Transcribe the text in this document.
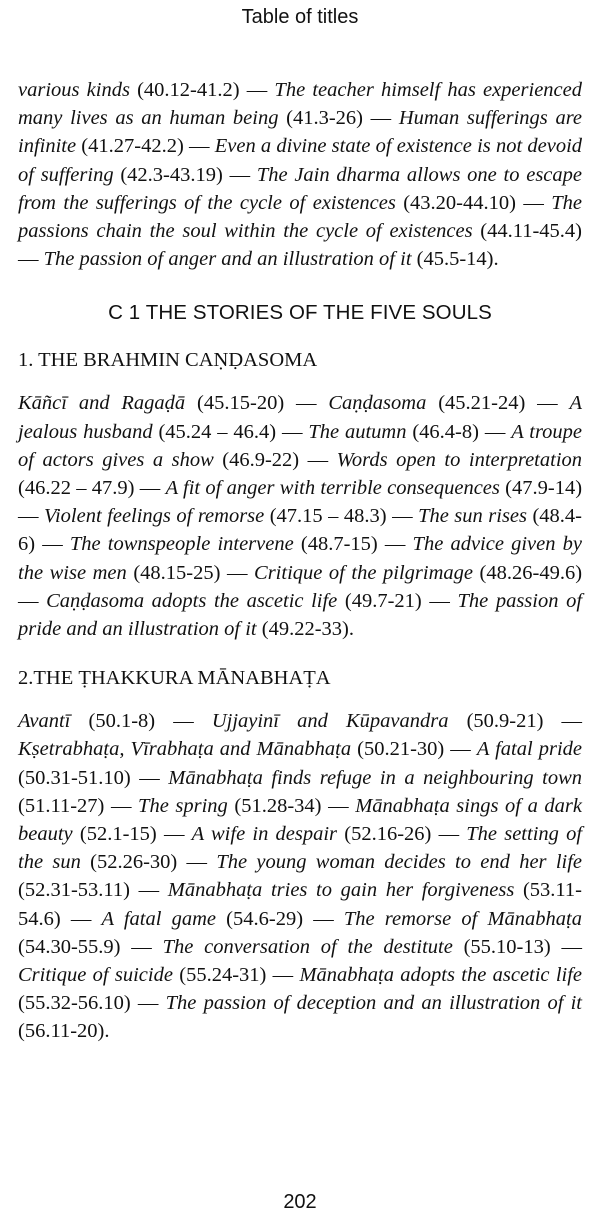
Table of titles

various kinds (40.12-41.2) — The teacher himself has experienced many lives as an human being (41.3-26) — Human sufferings are infinite (41.27-42.2) — Even a divine state of existence is not devoid of suffering (42.3-43.19) — The Jain dharma allows one to escape from the sufferings of the cycle of existences (43.20-44.10) — The passions chain the soul within the cycle of existences (44.11-45.4) — The passion of anger and an illustration of it (45.5-14).

C 1 THE STORIES OF THE FIVE SOULS
1. THE BRAHMIN CAṆḌASOMA

Kāñcī and Ragaḍā (45.15-20) — Caṇḍasoma (45.21-24) — A jealous husband (45.24 – 46.4) — The autumn (46.4-8) — A troupe of actors gives a show (46.9-22) — Words open to interpretation (46.22 – 47.9) — A fit of anger with terrible consequences (47.9-14) — Violent feelings of remorse (47.15 – 48.3) — The sun rises (48.4-6) — The townspeople intervene (48.7-15) — The advice given by the wise men (48.15-25) — Critique of the pilgrimage (48.26-49.6) — Caṇḍasoma adopts the ascetic life (49.7-21) — The passion of pride and an illustration of it (49.22-33).

2.THE ṬHAKKURA MĀNABHAṬA

Avantī (50.1-8) — Ujjayinī and Kūpavandra (50.9-21) — Kṣetrabhaṭa, Vīrabhaṭa and Mānabhaṭa (50.21-30) — A fatal pride (50.31-51.10) — Mānabhaṭa finds refuge in a neighbouring town (51.11-27) — The spring (51.28-34) — Mānabhaṭa sings of a dark beauty (52.1-15) — A wife in despair (52.16-26) — The setting of the sun (52.26-30) — The young woman decides to end her life (52.31-53.11) — Mānabhaṭa tries to gain her forgiveness (53.11-54.6) — A fatal game (54.6-29) — The remorse of Mānabhaṭa (54.30-55.9) — The conversation of the destitute (55.10-13) — Critique of suicide (55.24-31) — Mānabhaṭa adopts the ascetic life (55.32-56.10) — The passion of deception and an illustration of it (56.11-20).

202
